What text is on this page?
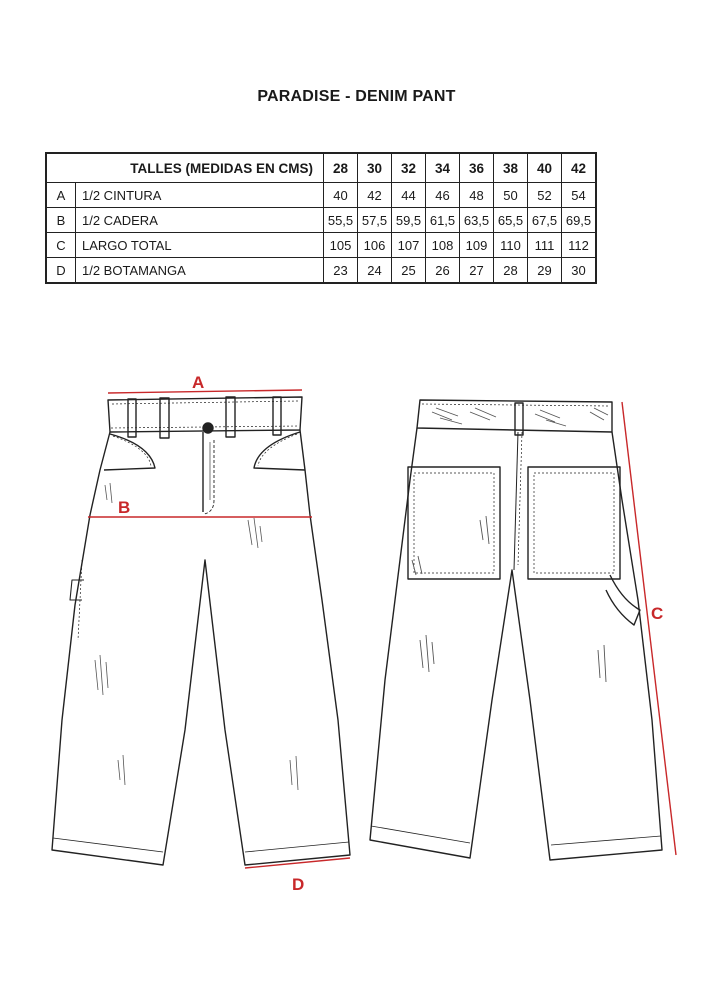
PARADISE - DENIM PANT
TALLES (MEDIDAS EN CMS)		28	30	32	34	36	38	40	42
A	1/2 CINTURA	40	42	44	46	48	50	52	54
B	1/2 CADERA	55,5	57,5	59,5	61,5	63,5	65,5	67,5	69,5
C	LARGO TOTAL	105	106	107	108	109	110	111	112
D	1/2 BOTAMANGA	23	24	25	26	27	28	29	30
A
B
C
D
